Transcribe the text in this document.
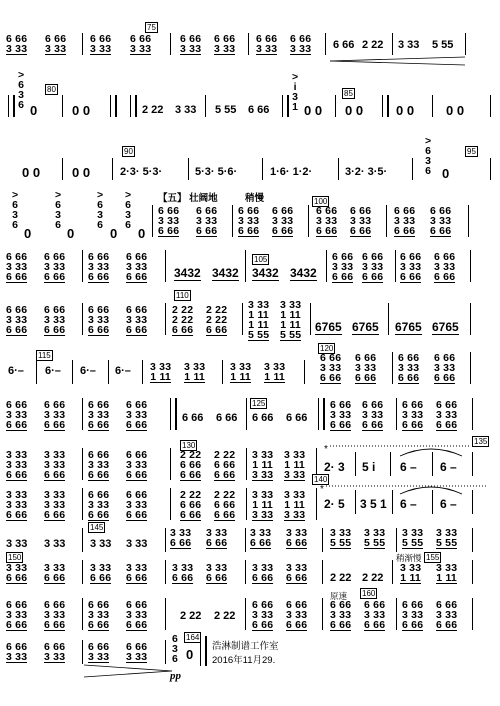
75
6 66
3 33
6 66
3 33
6 66
3 33
6 66
3 33
6 66
3 33
6 66
3 33
6 66
3 33
6 66
3 33 6 66 2 22 3 33 5 55
>
6
3
6 0
80
0 0	2 22 3 33 5 55 6 66
>
i
3
1 0 0
85
0 0	0 0 0 0
0 0 0 0
90
2·3· 5·3·	5·3· 5·6·	1·6· 1·2·	3·2· 3·5·
>
6
3
6 0
95
【五】 壮阔地	稍慢
>
6
3
6
0
>
6
3
6
0
>
6
3
6
0
>
6
3
6
0
100
6 66
3 33
6 66
6 66
3 33
6 66
6 66
3 33
6 66
6 66
3 33
6 66
6 66
3 33
6 66
6 66
3 33
6 66
6 66
3 33
6 66
6 66
3 33
6 66
6 66
3 33
6 66
6 66
3 33
6 66
6 66
3 33
6 66
6 66
3 33
6 66 3432 3432
105
3432 3432
6 66
3 33
6 66
6 66
3 33
6 66
6 66
3 33
6 66
6 66
3 33
6 66
6 66
3 33
6 66
6 66
3 33
6 66
6 66
3 33
6 66
6 66
3 33
6 66
110
2 22
2 22
6 66
2 22
2 22
6 66
3 33
1 11
1 11
5 55
3 33
1 11
1 11
5 55
6765 6765 6765 6765
6·–
115
6·– 6·– 6·– 3 33
1 11
3 33
1 11
3 33
1 11
3 33
1 11
120
6 66
3 33
6 66
6 66
3 33
6 66
6 66
3 33
6 66
6 66
3 33
6 66
6 66
3 33
6 66
6 66
3 33
6 66
6 66
3 33
6 66
6 66
3 33
6 66
6 66 6 66
125
6 66 6 66
6 66
3 33
6 66
6 66
3 33
6 66
6 66
3 33
6 66
6 66
3 33
6 66
3 33
3 33
6 66
3 33
3 33
6 66
6 66
3 33
6 66
6 66
3 33
6 66
130
2 22
6 66
6 66
2 22
6 66
6 66
3 33
1 11
3 33
3 33
1 11
3 33
*
135
2· 3 5 i 6 – 6 –
3 33
3 33
6 66
3 33
3 33
6 66
6 66
3 33
6 66
6 66
3 33
6 66
2 22
6 66
6 66
2 22
6 66
6 66
3 33
1 11
3 33
3 33
1 11
3 33
140
*
2· 5 3 5 1 6 – 6 –
3 33 3 33
145
3 33 3 33
3 33
6 66
3 33
6 66
3 33
6 66
3 33
6 66
3 33
5 55
3 33
5 55
3 33
5 55
3 33
5 55
150
3 33
6 66
3 33
6 66
3 33
6 66
3 33
6 66
3 33
6 66
3 33
6 66
3 33
6 66
3 33
6 66 2 22 2 22
稍渐慢 155
3 33
1 11
3 33
1 11
6 66
3 33
6 66
6 66
3 33
6 66
6 66
3 33
6 66
6 66
3 33
6 66
2 22 2 22
6 66
3 33
6 66
6 66
3 33
6 66
原速 160
6 66
3 33
6 66
6 66
3 33
6 66
6 66
3 33
6 66
6 66
3 33
6 66
6 66
3 33
6 66
3 33
6 66
3 33
6 66
3 33
6
3
6 0
164
pp
浩淋制谱工作室
2016年11月29.
